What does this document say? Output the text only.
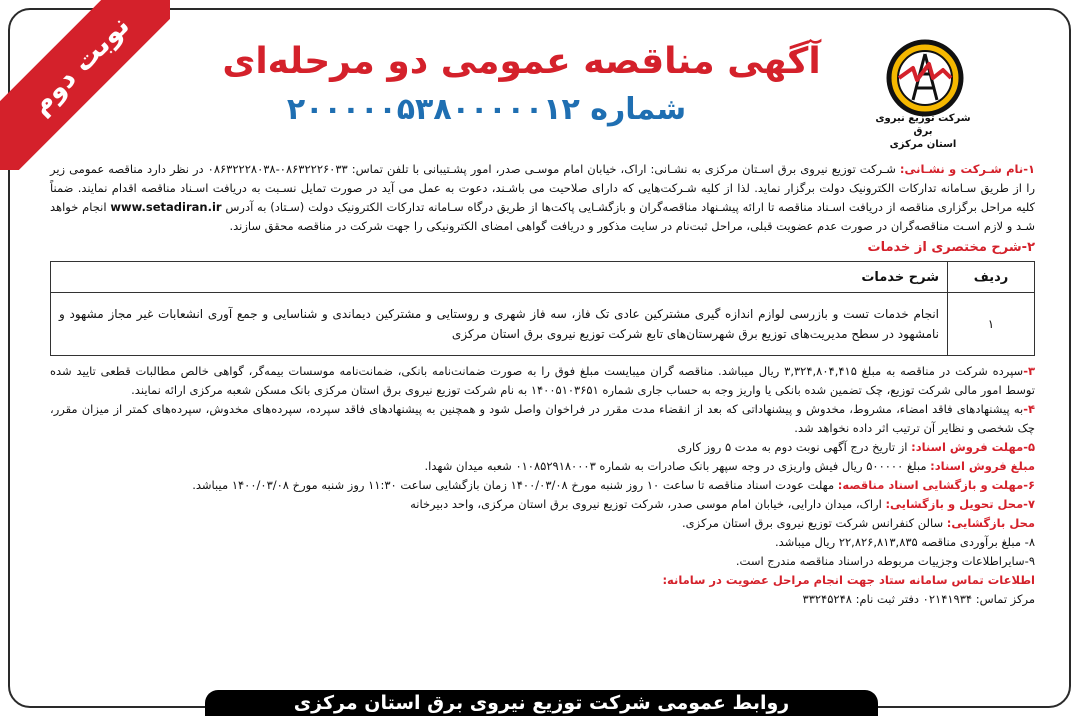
نوبت دوم	شرکت توزیع نیروی برق
استان مرکزی
آگهی مناقصه عمومی دو مرحله‌ای
شماره ۲۰۰۰۰۰۵۳۸۰۰۰۰۰۱۲

۱-نام شـرکت و نشـانی: شـرکت توزیع نیروی برق اسـتان مرکزی به نشـانی: اراک، خیابان امام موسـی صدر، امور پشـتیبانی با تلفن تماس: ۰۸۶۳۲۲۲۶۰۳۳-۰۸۶۳۲۲۲۸۰۳۸ در نظر دارد مناقصه عمومی زیر را از طریق سـامانه تدارکات الکترونیک دولت برگزار نماید. لذا از کلیه شـرکت‌هایی که دارای صلاحیت می باشـند، دعوت به عمل می آید در صورت تمایل نسـبت به دریافت اسـناد مناقصه اقدام نمایند. ضمناً کلیه مراحل برگزاری مناقصه از دریافت اسـناد مناقصه تا ارائه پیشـنهاد مناقصه‌گران و بازگشـایی پاکت‌ها از طریق درگاه سـامانه تدارکات الکترونیک دولت (سـتاد) به آدرس www.setadiran.ir انجام خواهد شـد و لازم اسـت مناقصه‌گران در صورت عدم عضویت قبلی، مراحل ثبت‌نام در سایت مذکور و دریافت گواهی امضای الکترونیکی را جهت شرکت در مناقصه محقق سازند.

۲-شرح مختصری از خدمات
ردیف	شرح خدمات
۱	انجام خدمات تست و بازرسی لوازم اندازه گیری مشترکین عادی تک فاز، سه فاز شهری و روستایی و مشترکین دیماندی و شناسایی و جمع آوری انشعابات غیر مجاز مشهود و نامشهود در سطح مدیریت‌های توزیع برق شهرستان‌های تابع شرکت توزیع نیروی برق استان مرکزی

۳-سپرده شرکت در مناقصه به مبلغ ۳,۳۲۴,۸۰۴,۴۱۵ ریال میباشد. مناقصه گران میبایست مبلغ فوق را به صورت ضمانت‌نامه بانکی، ضمانت‌نامه موسسات بیمه‌گر، گواهی خالص مطالبات قطعی تایید شده توسط امور مالی شرکت توزیع، چک تضمین شده بانکی یا واریز وجه به حساب جاری شماره ۱۴۰۰۵۱۰۳۶۵۱ به نام شرکت توزیع نیروی برق استان مرکزی بانک مسکن شعبه مرکزی ارائه نمایند.

۴-به پیشنهادهای فاقد امضاء، مشروط، مخدوش و پیشنهاداتی که بعد از انقضاء مدت مقرر در فراخوان واصل شود و همچنین به پیشنهادهای فاقد سپرده، سپرده‌های مخدوش، سپرده‌های کمتر از میزان مقرر، چک شخصی و نظایر آن ترتیب اثر داده نخواهد شد.

۵-مهلت فروش اسناد: از تاریخ درج آگهی نوبت دوم به مدت ۵ روز کاری

مبلغ فروش اسناد: مبلغ ۵۰۰۰۰۰ ریال فیش واریزی در وجه سپهر بانک صادرات به شماره ۰۱۰۸۵۲۹۱۸۰۰۰۳ شعبه میدان شهدا.

۶-مهلت و بازگشایی اسناد مناقصه: مهلت عودت اسناد مناقصه تا ساعت ۱۰ روز شنبه مورخ ۱۴۰۰/۰۳/۰۸ زمان بازگشایی ساعت ۱۱:۳۰ روز شنبه مورخ ۱۴۰۰/۰۳/۰۸ میباشد.

۷-محل تحویل و بازگشایی: اراک، میدان دارایی، خیابان امام موسی صدر، شرکت توزیع نیروی برق استان مرکزی، واحد دبیرخانه

محل بازگشایی: سالن کنفرانس شرکت توزیع نیروی برق استان مرکزی.

۸- مبلغ برآوردی مناقصه ۲۲,۸۲۶,۸۱۳,۸۳۵ ریال میباشد.

۹-سایراطلاعات وجزییات مربوطه دراسناد مناقصه مندرج است.

اطلاعات تماس سامانه ستاد جهت انجام مراحل عضویت در سامانه:

مرکز تماس: ۰۲۱۴۱۹۳۴ دفتر ثبت نام: ۳۳۲۴۵۲۴۸

روابط عمومی شرکت توزیع نیروی برق استان مرکزی
